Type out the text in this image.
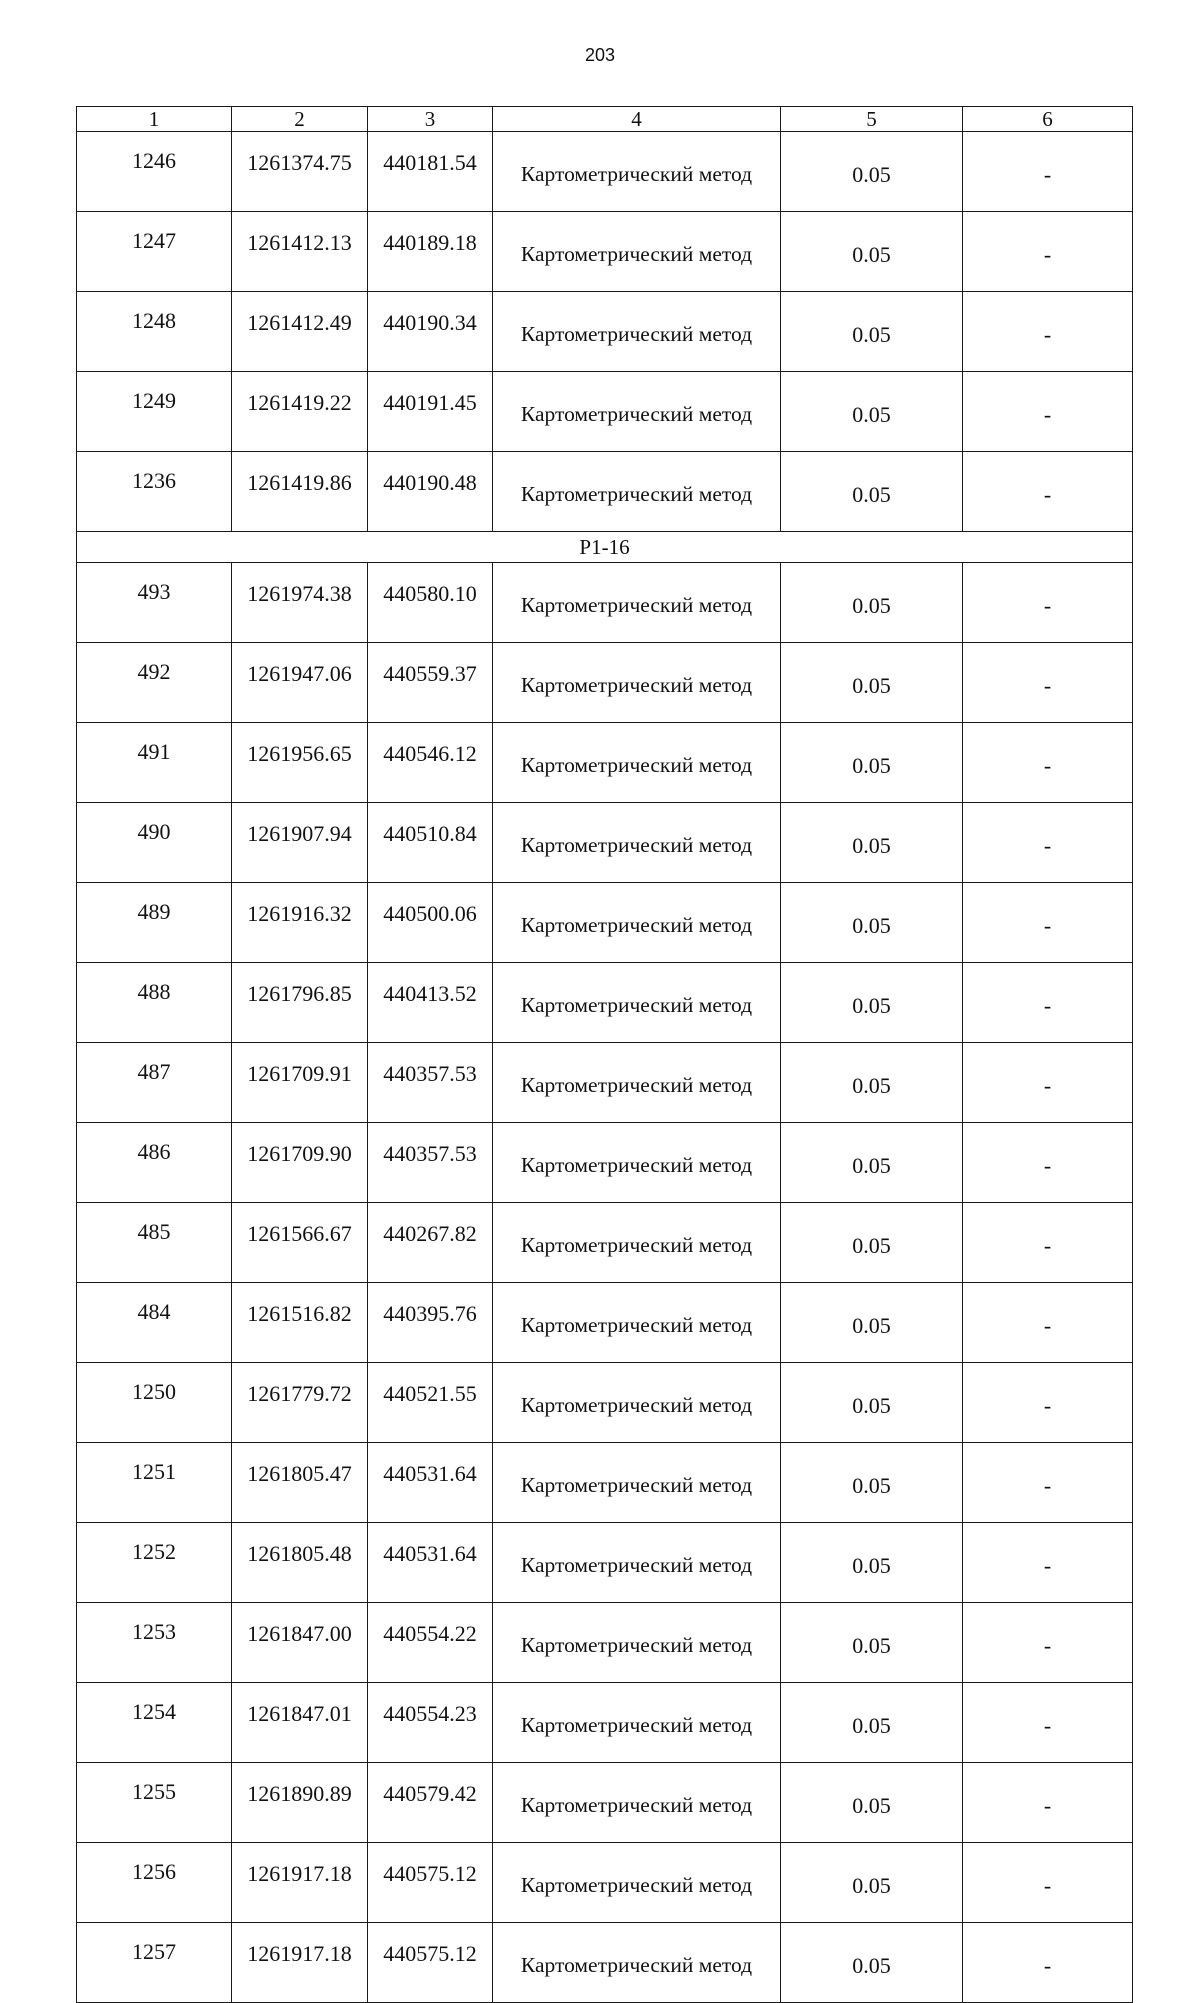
203
1	2	3	4	5	6
1246	1261374.75	440181.54	Картометрический метод	0.05	-
1247	1261412.13	440189.18	Картометрический метод	0.05	-
1248	1261412.49	440190.34	Картометрический метод	0.05	-
1249	1261419.22	440191.45	Картометрический метод	0.05	-
1236	1261419.86	440190.48	Картометрический метод	0.05	-
Р1-16					
493	1261974.38	440580.10	Картометрический метод	0.05	-
492	1261947.06	440559.37	Картометрический метод	0.05	-
491	1261956.65	440546.12	Картометрический метод	0.05	-
490	1261907.94	440510.84	Картометрический метод	0.05	-
489	1261916.32	440500.06	Картометрический метод	0.05	-
488	1261796.85	440413.52	Картометрический метод	0.05	-
487	1261709.91	440357.53	Картометрический метод	0.05	-
486	1261709.90	440357.53	Картометрический метод	0.05	-
485	1261566.67	440267.82	Картометрический метод	0.05	-
484	1261516.82	440395.76	Картометрический метод	0.05	-
1250	1261779.72	440521.55	Картометрический метод	0.05	-
1251	1261805.47	440531.64	Картометрический метод	0.05	-
1252	1261805.48	440531.64	Картометрический метод	0.05	-
1253	1261847.00	440554.22	Картометрический метод	0.05	-
1254	1261847.01	440554.23	Картометрический метод	0.05	-
1255	1261890.89	440579.42	Картометрический метод	0.05	-
1256	1261917.18	440575.12	Картометрический метод	0.05	-
1257	1261917.18	440575.12	Картометрический метод	0.05	-
